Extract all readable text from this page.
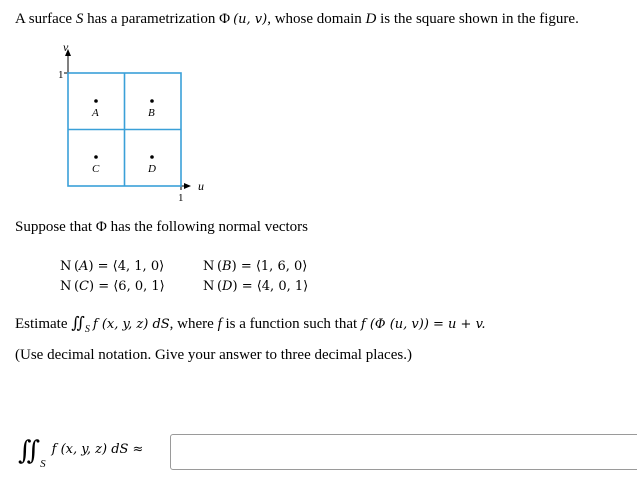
A surface S has a parametrization Φ  (u, v), whose domain D is the square shown in the figure.
v
u
1
1
A	B
C	D
Suppose that Φ has the following normal vectors
N (A) = ⟨4, 1, 0⟩	N (B) = ⟨1, 6, 0⟩
N (C) = ⟨6, 0, 1⟩	N (D) = ⟨4, 0, 1⟩
Estimate $∬_S$  f (x, y, z) dS, where f is a function such that f (Φ (u, v)) = u + v.
(Use decimal notation. Give your answer to three decimal places.)
$∬_S$ $^{f (x, y, z) dS \approx}$
